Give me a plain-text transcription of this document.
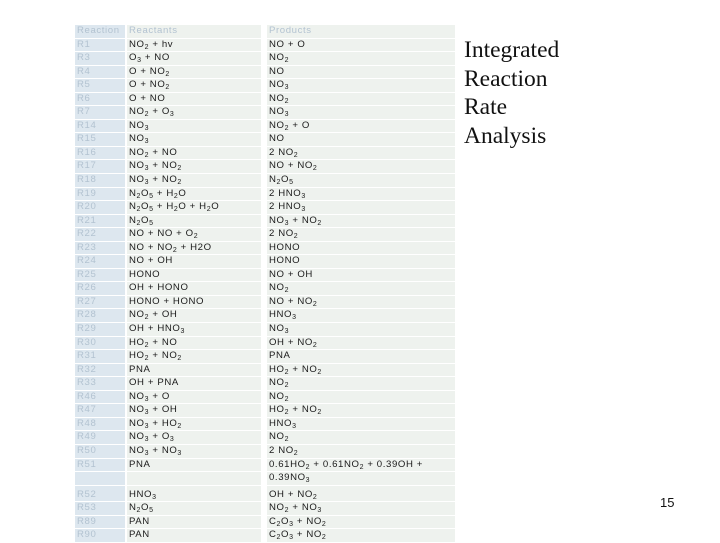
Reaction		Reactants		Products
R1		$NO_2$ + hv		NO + O
R3		$O_3$ + NO		$NO_2$
R4		$O + NO_2$		NO
R5		$O + NO_2$		$NO_3$
R6		O + NO		$NO_2$
R7		$NO_2 + O_3$		$NO_3$
R14		$NO_3$		$NO_2 + O$
R15		$NO_3$		NO
R16		$NO_2$ + NO		2 $NO_2$
R17		$NO_3 + NO_2$		NO + $NO_2$
R18		$NO_3 + NO_2$		$N_2O_5$
R19		$N_2O_5 + H_2O$		2 $HNO_3$
R20		$N_2O_5 + H_2O + H_2O$		2 $HNO_3$
R21		$N_2O_5$		$NO_3 + NO_2$
R22		NO + NO + $O_2$		2 $NO_2$
R23		NO + $NO_2 + H2O$		HONO
R24		NO + OH		HONO
R25		HONO		NO + OH
R26		OH + HONO		$NO_2$
R27		HONO + HONO		NO + $NO_2$
R28		$NO_2$ + OH		$HNO_3$
R29		OH + $HNO_3$		$NO_3$
R30		$HO_2$ + NO		OH + $NO_2$
R31		$HO_2 + NO_2$		PNA
R32		PNA		$HO_2 + NO_2$
R33		OH + PNA		$NO_2$
R46		$NO_3 + O$		$NO_2$
R47		$NO_3$ + OH		$HO_2 + NO_2$
R48		$NO_3 + HO_2$		$HNO_3$
R49		$NO_3 + O_3$		$NO_2$
R50		$NO_3 + NO_3$		2 $NO_2$
R51		PNA		$0.61HO_2 + 0.61NO_2 + 0.39OH$ +
				$0.39NO_3$
R52		$HNO_3$		OH + $NO_2$
R53		$N_2O_5$		$NO_2 + NO_3$
R89		PAN		$C_2O_3 + NO_2$
R90		PAN		$C_2O_3 + NO_2$
Integrated
Reaction
Rate
Analysis
15
